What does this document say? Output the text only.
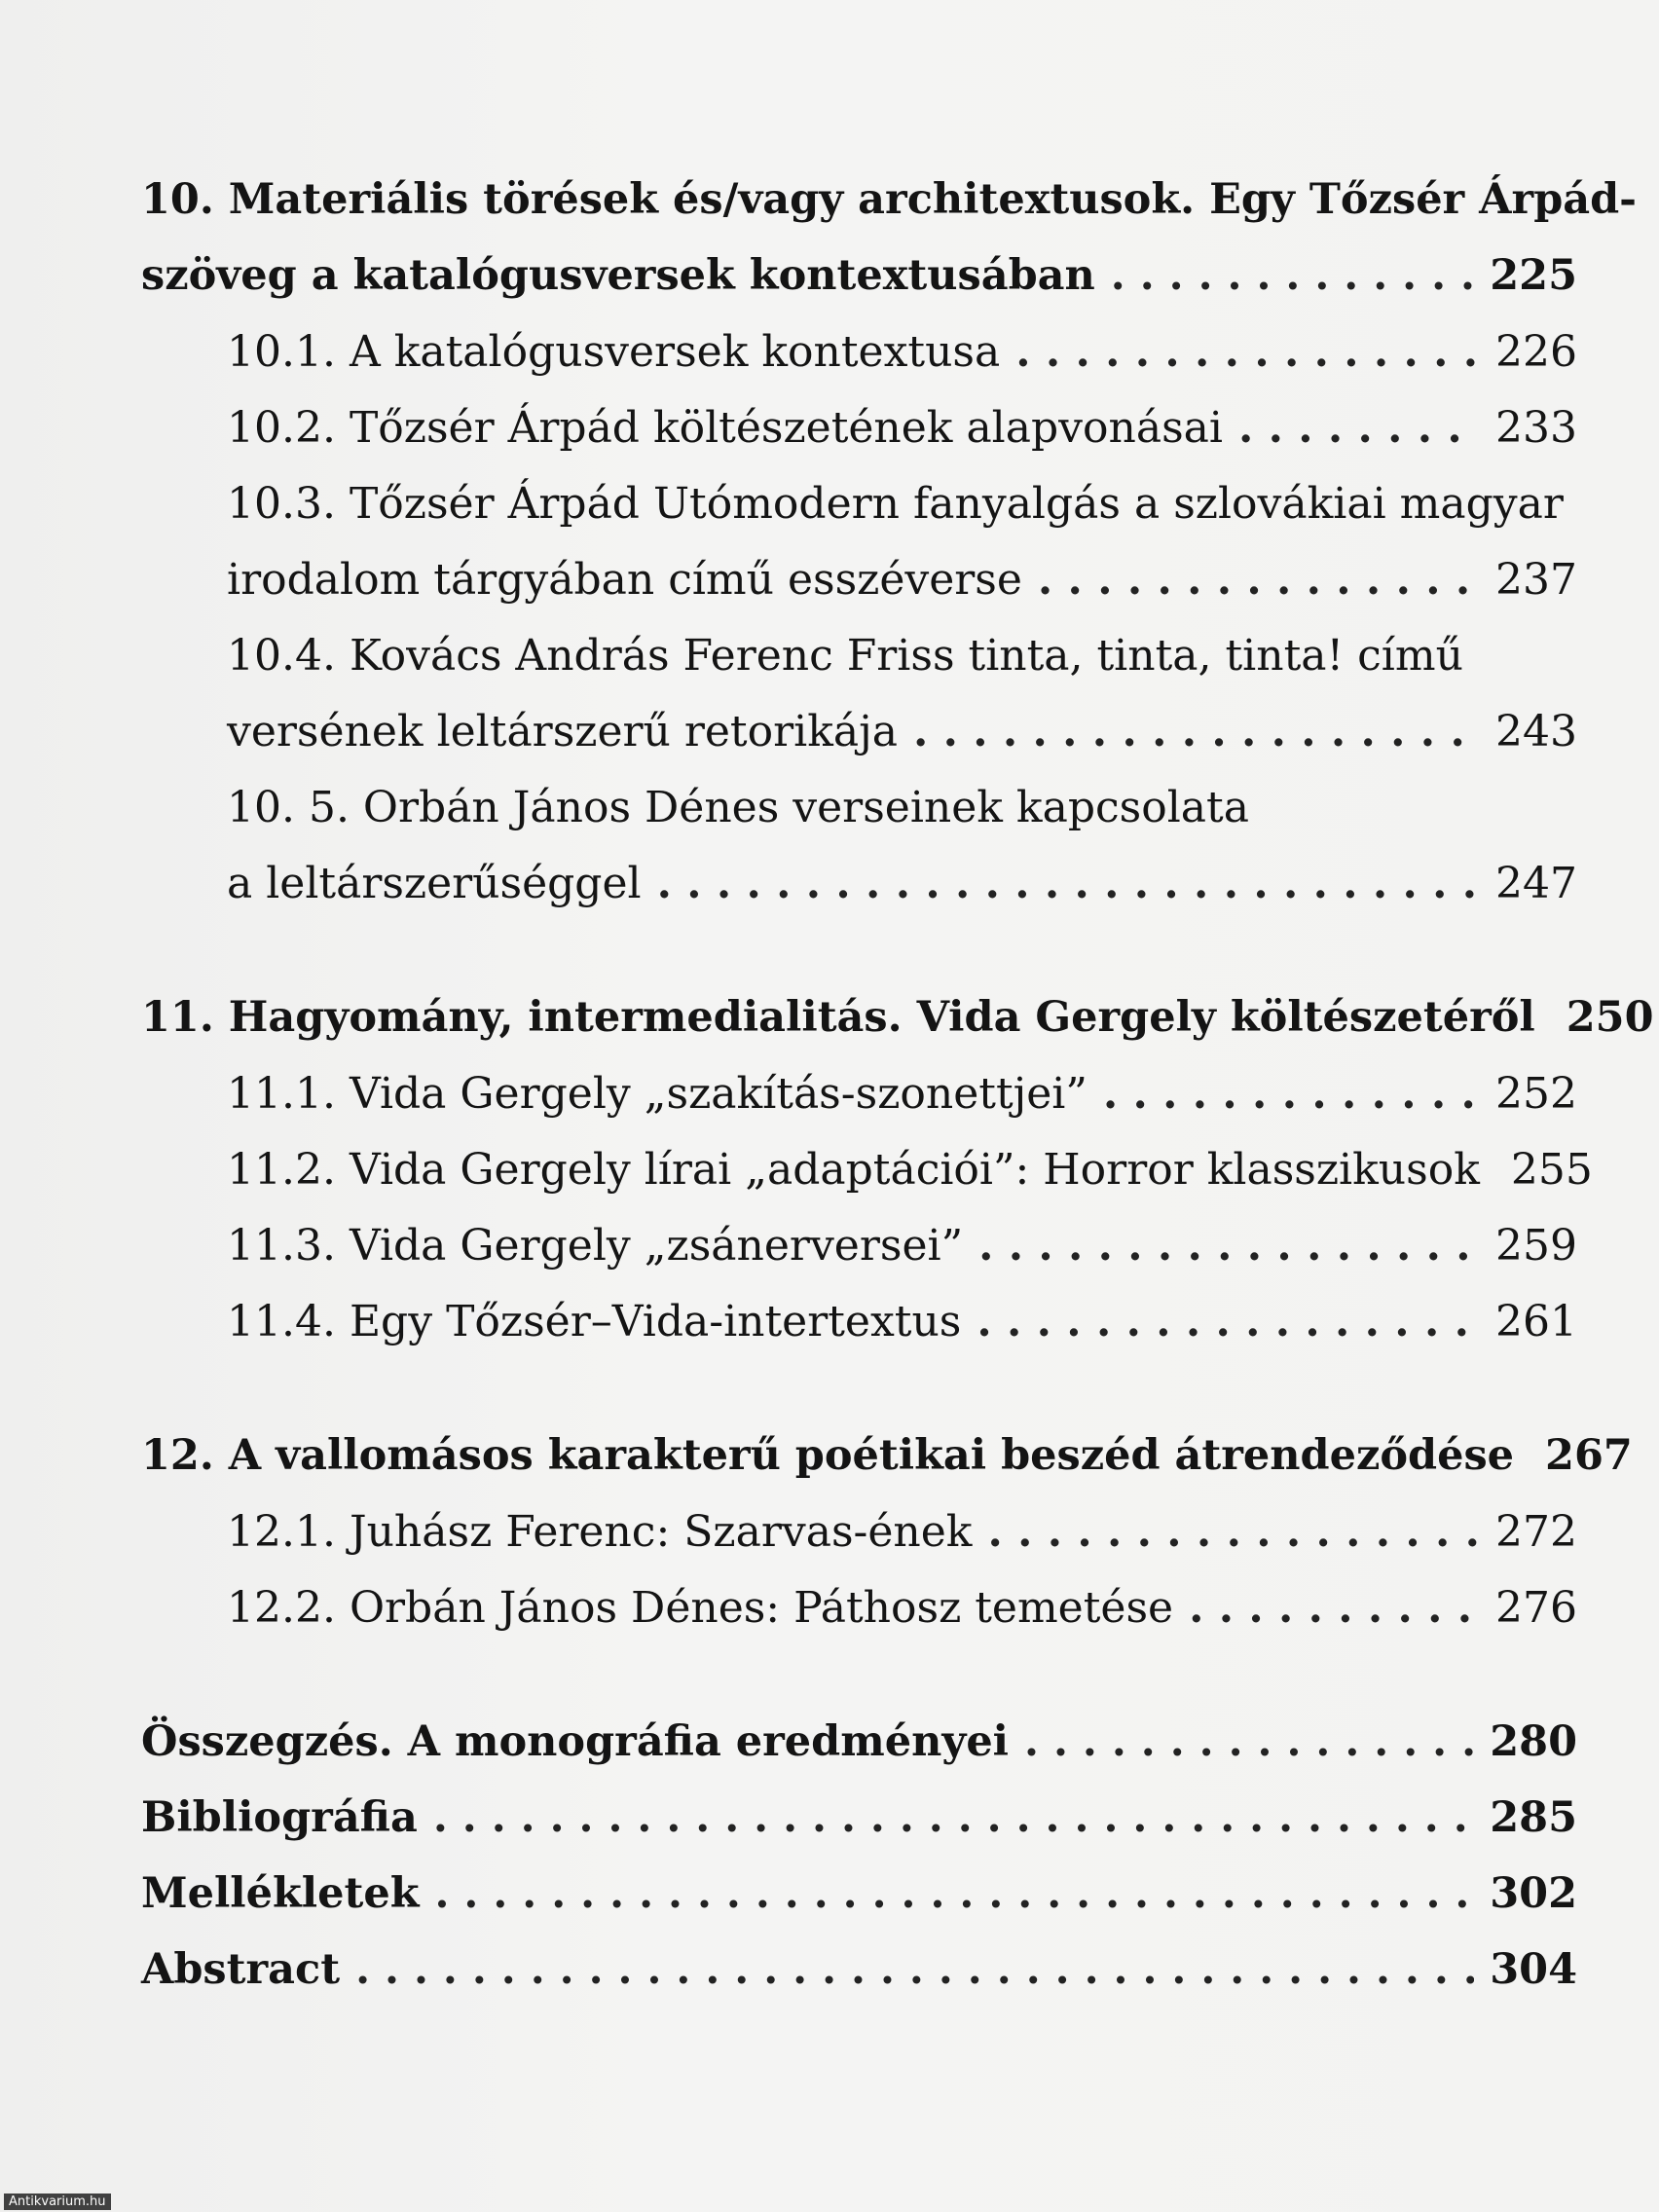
10. Materiális törések és/vagy architextusok. Egy Tőzsér Árpád-
szöveg a katalógusversek kontextusában . . .	225
10.1. A katalógusversek kontextusa . . .	226
10.2. Tőzsér Árpád költészetének alapvonásai . . .	233
10.3. Tőzsér Árpád Utómodern fanyalgás a szlovákiai magyar
irodalom tárgyában című esszéverse . . .	237
10.4. Kovács András Ferenc Friss tinta, tinta, tinta! című
versének leltárszerű retorikája . . .	243
10. 5. Orbán János Dénes verseinek kapcsolata
a leltárszerűséggel . . .	247
11. Hagyomány, intermedialitás. Vida Gergely költészetéről 250
11.1. Vida Gergely „szakítás-szonettjei” . . .	252
11.2. Vida Gergely lírai „adaptációi”: Horror klasszikusok 255
11.3. Vida Gergely „zsánerversei” . . .	259
11.4. Egy Tőzsér–Vida-intertextus . . .	261
12. A vallomásos karakterű poétikai beszéd átrendeződése 267
12.1. Juhász Ferenc: Szarvas-ének . . .	272
12.2. Orbán János Dénes: Páthosz temetése . . .	276
Összegzés. A monográfia eredményei . . .	280
Bibliográfia . . .	285
Mellékletek . . .	302
Abstract . . .	304
Antikvarium.hu
